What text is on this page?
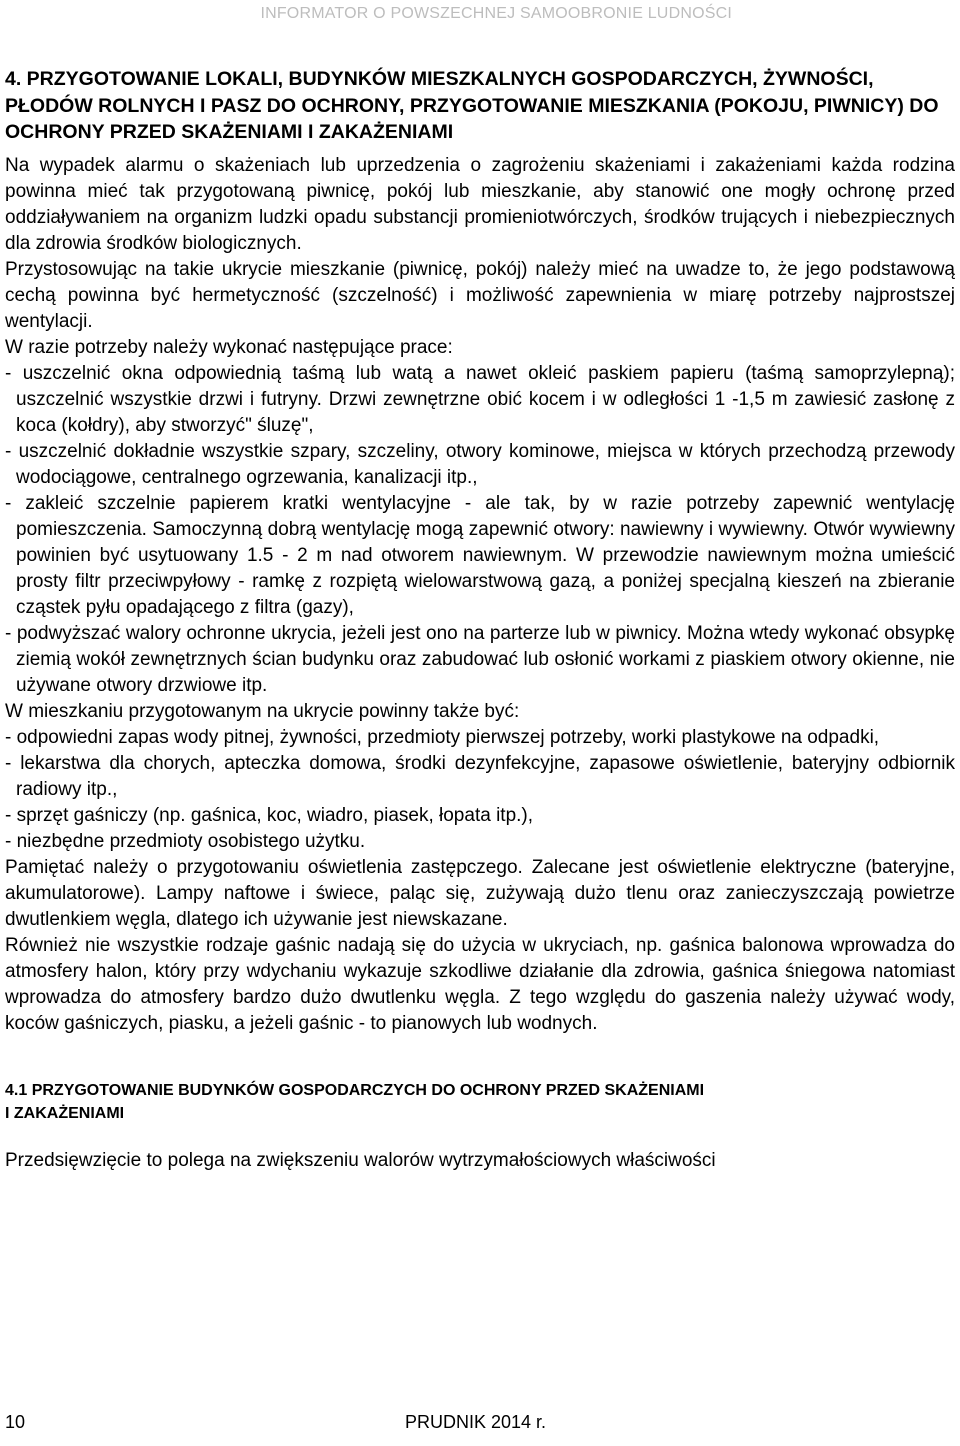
INFORMATOR O POWSZECHNEJ SAMOOBRONIE LUDNOŚCI
4. PRZYGOTOWANIE LOKALI, BUDYNKÓW MIESZKALNYCH GOSPODARCZYCH, ŻYWNOŚCI, PŁODÓW ROLNYCH I PASZ DO OCHRONY, PRZYGOTOWANIE MIESZKANIA (POKOJU, PIWNICY) DO OCHRONY PRZED SKAŻENIAMI I ZAKAŻENIAMI

Na wypadek alarmu o skażeniach lub uprzedzenia o zagrożeniu skażeniami i zakażeniami każda rodzina powinna mieć tak przygotowaną piwnicę, pokój lub mieszkanie, aby stanowić one mogły ochronę przed oddziaływaniem na organizm ludzki opadu substancji promieniotwórczych, środków trujących i niebezpiecznych dla zdrowia środków biologicznych.

Przystosowując na takie ukrycie mieszkanie (piwnicę, pokój) należy mieć na uwadze to, że jego podstawową cechą powinna być hermetyczność (szczelność) i możliwość zapewnienia w miarę potrzeby najprostszej wentylacji.

W razie potrzeby należy wykonać następujące prace:

- uszczelnić okna odpowiednią taśmą lub watą a nawet okleić paskiem papieru (taśmą samoprzylepną); uszczelnić wszystkie drzwi i futryny. Drzwi zewnętrzne obić kocem i w odległości 1 -1,5 m zawiesić zasłonę z koca (kołdry), aby stworzyć" śluzę",

- uszczelnić dokładnie wszystkie szpary, szczeliny, otwory kominowe, miejsca w których przechodzą przewody wodociągowe, centralnego ogrzewania, kanalizacji itp.,

- zakleić szczelnie papierem kratki wentylacyjne - ale tak, by w razie potrzeby zapewnić wentylację pomieszczenia. Samoczynną dobrą wentylację mogą zapewnić otwory: nawiewny i wywiewny. Otwór wywiewny powinien być usytuowany 1.5 - 2 m nad otworem nawiewnym. W przewodzie nawiewnym można umieścić prosty filtr przeciwpyłowy - ramkę z rozpiętą wielowarstwową gazą, a poniżej specjalną kieszeń na zbieranie cząstek pyłu opadającego z filtra (gazy),

- podwyższać walory ochronne ukrycia, jeżeli jest ono na parterze lub w piwnicy. Można wtedy wykonać obsypkę ziemią wokół zewnętrznych ścian budynku oraz zabudować lub osłonić workami z piaskiem otwory okienne, nie używane otwory drzwiowe itp.

W mieszkaniu przygotowanym na ukrycie powinny także być:

- odpowiedni zapas wody pitnej, żywności, przedmioty pierwszej potrzeby, worki plastykowe na odpadki,

- lekarstwa dla chorych, apteczka domowa, środki dezynfekcyjne, zapasowe oświetlenie, bateryjny odbiornik radiowy itp.,

- sprzęt gaśniczy (np. gaśnica, koc, wiadro, piasek, łopata itp.),

- niezbędne przedmioty osobistego użytku.

Pamiętać należy o przygotowaniu oświetlenia zastępczego. Zalecane jest oświetlenie elektryczne (bateryjne, akumulatorowe). Lampy naftowe i świece, paląc się, zużywają dużo tlenu oraz zanieczyszczają powietrze dwutlenkiem węgla, dlatego ich używanie jest niewskazane.

Również nie wszystkie rodzaje gaśnic nadają się do użycia w ukryciach, np. gaśnica balonowa wprowadza do atmosfery halon, który przy wdychaniu wykazuje szkodliwe działanie dla zdrowia, gaśnica śniegowa natomiast wprowadza do atmosfery bardzo dużo dwutlenku węgla. Z tego względu do gaszenia należy używać wody, koców gaśniczych, piasku, a jeżeli gaśnic - to pianowych lub wodnych.

4.1 PRZYGOTOWANIE BUDYNKÓW GOSPODARCZYCH DO OCHRONY PRZED SKAŻENIAMI
I ZAKAŻENIAMI

Przedsięwzięcie to polega na zwiększeniu walorów wytrzymałościowych właściwości

10	PRUDNIK 2014 r.
